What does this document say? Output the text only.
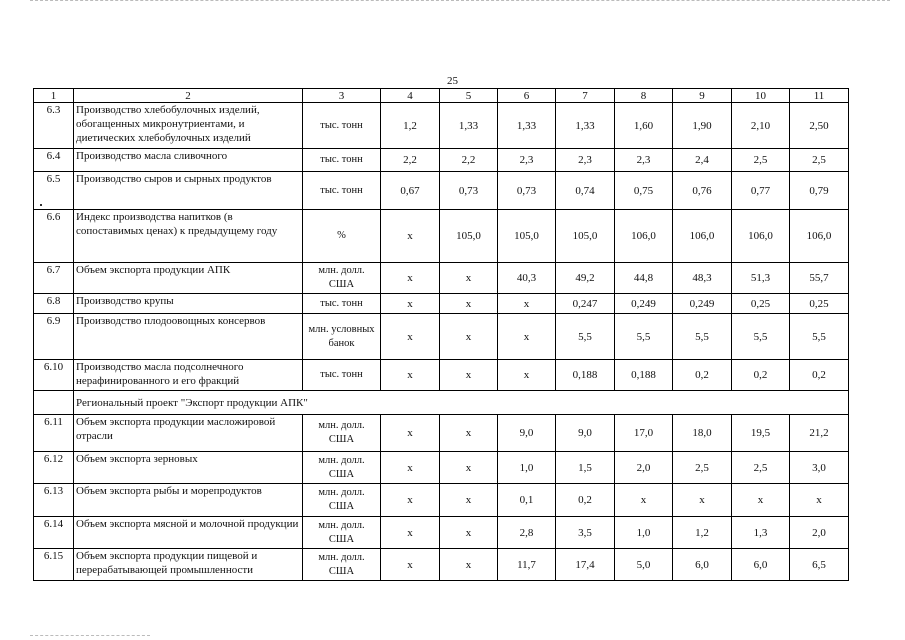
25
1	2	3	4	5	6	7	8	9	10	11
6.3	Производство хлебобулочных изделий, обогащенных микронутриентами, и диетических хлебобулочных изделий	тыс. тонн	1,2	1,33	1,33	1,33	1,60	1,90	2,10	2,50
6.4	Производство масла сливочного	тыс. тонн	2,2	2,2	2,3	2,3	2,3	2,4	2,5	2,5
6.5	Производство сыров и сырных продуктов	тыс. тонн	0,67	0,73	0,73	0,74	0,75	0,76	0,77	0,79
6.6	Индекс производства напитков (в сопоставимых ценах) к предыдущему году	%	х	105,0	105,0	105,0	106,0	106,0	106,0	106,0
6.7	Объем экспорта продукции АПК	млн. долл. США	х	х	40,3	49,2	44,8	48,3	51,3	55,7
6.8	Производство крупы	тыс. тонн	х	х	х	0,247	0,249	0,249	0,25	0,25
6.9	Производство плодоовощных консервов	млн. условных банок	х	х	х	5,5	5,5	5,5	5,5	5,5
6.10	Производство масла подсолнечного нерафинированного и его фракций	тыс. тонн	х	х	х	0,188	0,188	0,2	0,2	0,2
	Региональный проект "Экспорт продукции АПК"									
6.11	Объем экспорта продукции масложировой отрасли	млн. долл. США	х	х	9,0	9,0	17,0	18,0	19,5	21,2
6.12	Объем экспорта зерновых	млн. долл. США	х	х	1,0	1,5	2,0	2,5	2,5	3,0
6.13	Объем экспорта рыбы и морепродуктов	млн. долл. США	х	х	0,1	0,2	х	х	х	х
6.14	Объем экспорта мясной и молочной продукции	млн. долл. США	х	х	2,8	3,5	1,0	1,2	1,3	2,0
6.15	Объем экспорта продукции пищевой и перерабатывающей промышленности	млн. долл. США	х	х	11,7	17,4	5,0	6,0	6,0	6,5
